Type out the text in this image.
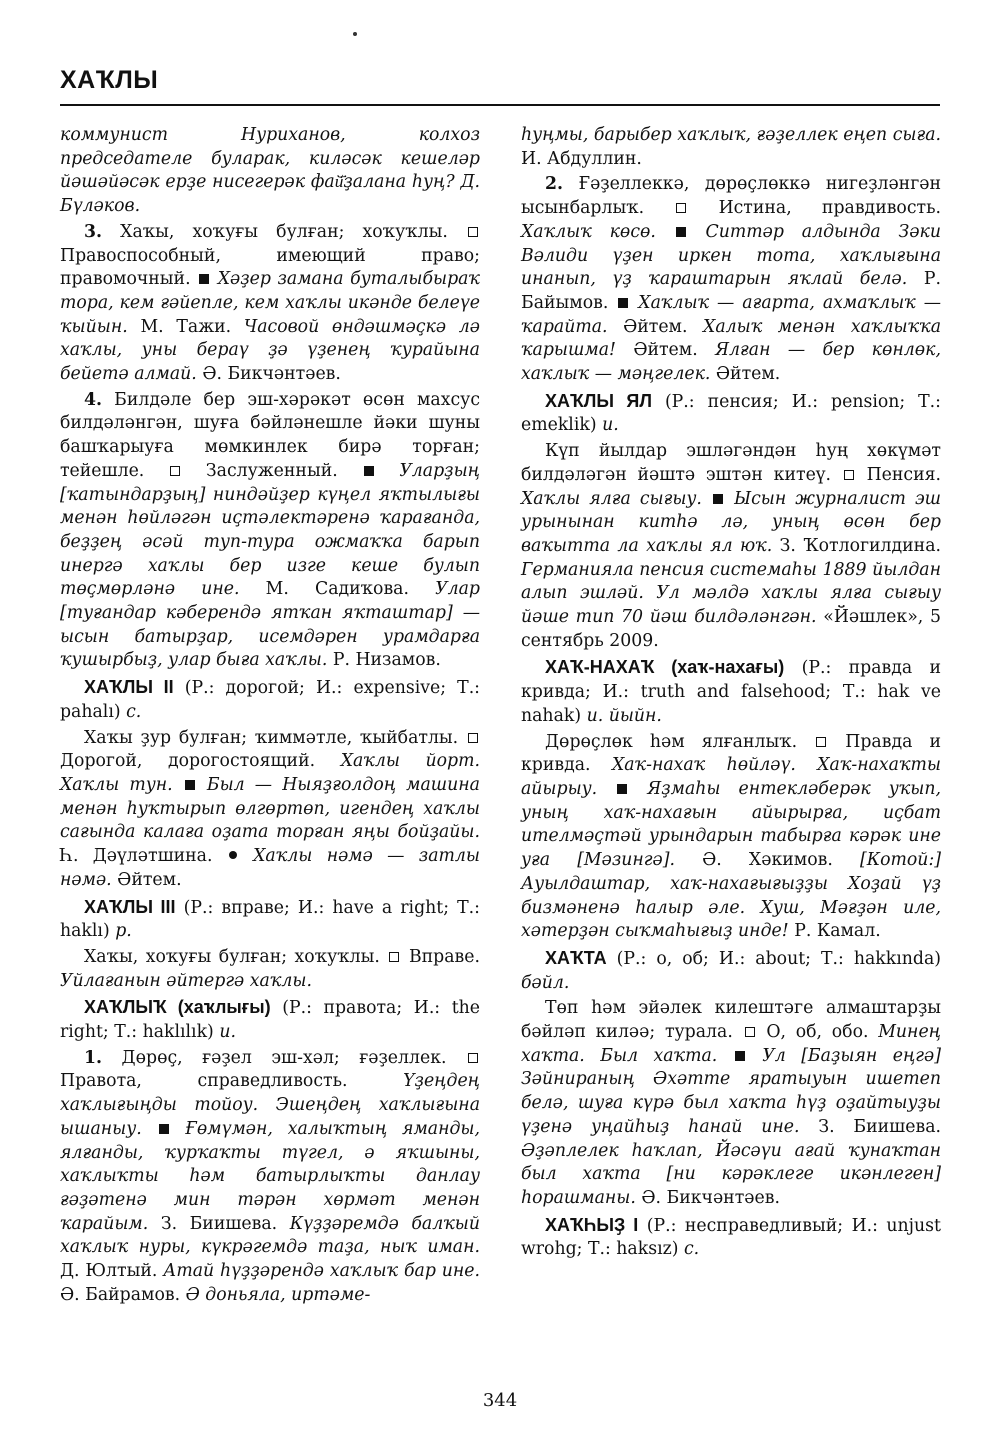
ХАҠЛЫ

коммунист Нуриханов, колхоз председателе буларак, киләсәк кешеләр йәшәйәсәк ерҙе нисегерәк фай҃ҙалана һуң? Д. Бүләков.

3. Хаҡы, хоҡуғы булған; хоҡуҡлы.  Правоспособный, имеющий право; правомочный. Хәҙер замана буталыбыраҡ тора, кем ғәйепле, кем хаҡлы икәнде белеүе ҡыйын. М. Тажи. Часовой өндәшмәҫкә лә хаҡлы, уны бераү ҙә үҙенең ҡурайына бейетә алмай. Ә. Бикчәнтәев.

4. Билдәле бер эш-хәрәкәт өсөн махсус билдәләнгән, шуға бәйләнешле йәки шуны башҡарыуға мөмкинлек бирә торған; тейешле.	Заслуженный.	Уларҙың [ҡатындарҙың] ниндәйҙер күңел яҡтылығы менән һөйләгән иҫтәлектәренә ҡарағанда, беҙҙең әсәй туп-тура ожмаҡҡа барып инергә хаҡлы бер изге кеше булып төҫмөрләнә ине. М. Садиҡова. Улар [туғандар кәберендә ятҡан яҡташтар] — ысын батырҙар, исемдәрен урамдарға ҡушырбыҙ, улар быға хаҡлы. Р. Низамов.

ХАҠЛЫ II (Р.: дорогой; И.: expensive; Т.: pahalı) с.

Хаҡы ҙур булған; ҡиммәтле, ҡыйбатлы.  Дорогой, дорогостоящий. Хаҡлы йорт. Хаҡлы тун. Был — Ныяҙғолдоң машина менән һуҡтырып өлгөртөп, игендең хаҡлы сағында калаға оҙата торған яңы бойҙайы. Һ. Дәүләтшина. Хаҡлы нәмә — затлы нәмә. Әйтем.

ХАҠЛЫ III (Р.: вправе; И.: have a right; Т.: haklı) р.

Хаҡы, хоҡуғы булған; хоҡуҡлы. Вправе. Уйлағанын әйтергә хаҡлы.

ХАҠЛЫҠ (хаҡлығы) (Р.: правота; И.: the right; Т.: haklılık) и.

1. Дөрөҫ, ғәҙел эш-хәл; ғәҙеллек.  Правота, справедливость.	Үҙеңдең хаҡлығыңды тойоу. Эшеңдең хаҡлығына ышаныу.	Ғөмүмән, халыҡтың яманды, ялғанды, ҡурҡаҡты түгел, ә яҡшыны, хаҡлыҡты һәм батырлыҡты данлау ғәҙәтенә мин тәрән хөрмәт менән ҡарайым. З. Биишева. Күҙҙәремдә балҡый хаҡлыҡ нуры, күкрәгемдә таҙа, ныҡ иман. Д. Юлтый. Атай һүҙҙәрендә хаҡлыҡ бар ине. Ә. Байрамов. Ә доньяла, иртәме-

һуңмы, барыбер хаҡлыҡ, ғәҙеллек еңеп сыға. И. Абдуллин.

2. Ғәҙеллеккә, дөрөҫлөккә нигеҙләнгән ысынбарлыҡ.	Истина, правдивость. Хаҡлыҡ көсө.	Ситтәр алдында Зәки Вәлиди үҙен иркен тота, хаҡлығына инанып, үҙ ҡараштарын яҡлай белә. Р. Байымов. Хаҡлыҡ — ағарта, ахмаҡлыҡ — ҡарайта. Әйтем. Халыҡ менән хаҡлыҡҡа ҡарышма! Әйтем. Ялған — бер көнлөк, хаҡлыҡ — мәңгелек. Әйтем.

ХАҠЛЫ ЯЛ (Р.: пенсия; И.: pension; Т.: emeklik) и.

Күп йылдар эшләгәндән һуң хөкүмәт билдәләгән йәштә эштән китеү. Пенсия. Хаҡлы ялға сығыу. Ысын журналист эш урынынан китһә лә, уның өсөн бер ваҡытта ла хаҡлы ял юҡ. З. Ҡотлогилдина. Германияла пенсия системаһы 1889 йылдан алып эшләй. Ул мәлдә хаҡлы ялға сығыу йәше тип 70 йәш билдәләнгән. «Йәшлек», 5 сентябрь 2009.

ХАҠ-НАХАҠ (хаҡ-нахағы) (Р.: правда и кривда; И.: truth and falsehood; Т.: hak ve nahak) и. йыйн.

Дөрөҫлөк һәм ялғанлыҡ.	Правда и кривда. Хаҡ-нахаҡ һөйләү. Хаҡ-нахаҡты айырыу.	Яҙмаһы ентекләберәк уҡып, уның хаҡ-нахағын айырырға, иҫбат ителмәҫтәй урындарын табырға кәрәк ине уға [Мәзингә]. Ә. Хәкимов. [Котой:] Ауылдаштар, хаҡ-нахағығыҙҙы Хоҙай үҙ бизмәненә һалыр әле. Хуш, Мәғҙән иле, хәтерҙән сыҡмаһығыҙ инде! Р. Камал.

ХАҠТА (Р.: о, об; И.: about; Т.: hakkında) бәйл.

Төп һәм эйәлек килештәге алмаштарҙы бәйләп киләә; турала. О, об, обо. Минең хаҡта. Был хаҡта.	Ул [Баҙыян еңгә] Зәйнираның Әхәтте яратыуын ишетеп белә, шуға күрә был хаҡта һүҙ оҙайтыуҙы үҙенә уңайһыҙ һанай ине. З. Биишева. Әҙәплелек һаҡлап, Йәсәүи ағай ҡунаҡтан был хаҡта [ни кәрәклеге икәнлеген] һорашманы. Ә. Бикчәнтәев.

ХАҠҺЫҘ I (Р.: несправедливый; И.: unjust wrohg; Т.: haksız) с.

344
